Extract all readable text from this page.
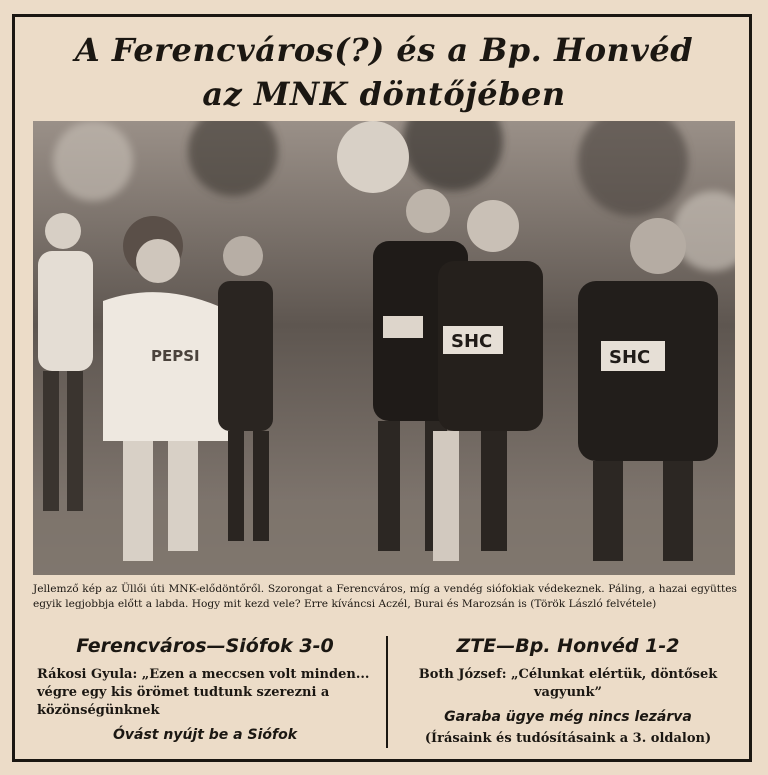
A Ferencváros(?) és a Bp. Honvéd
az MNK döntőjében
PEPSI
SHC
SHC
Jellemző kép az Üllői úti MNK-elődöntőről. Szorongat a Ferencváros, míg a vendég siófokiak védekeznek. Páling, a hazai együttes egyik legjobbja előtt a labda. Hogy mit kezd vele? Erre kíváncsi Aczél, Burai és Marozsán is (Török László felvétele)
Ferencváros—Siófok 3-0
Rákosi Gyula: „Ezen a meccsen volt minden... végre egy kis örömet tudtunk szerezni a közönségünknek
Óvást nyújt be a Siófok
ZTE—Bp. Honvéd 1-2
Both József: „Célunkat elértük, döntősek vagyunk”
Garaba ügye még nincs lezárva
(Írásaink és tudósításaink a 3. oldalon)
